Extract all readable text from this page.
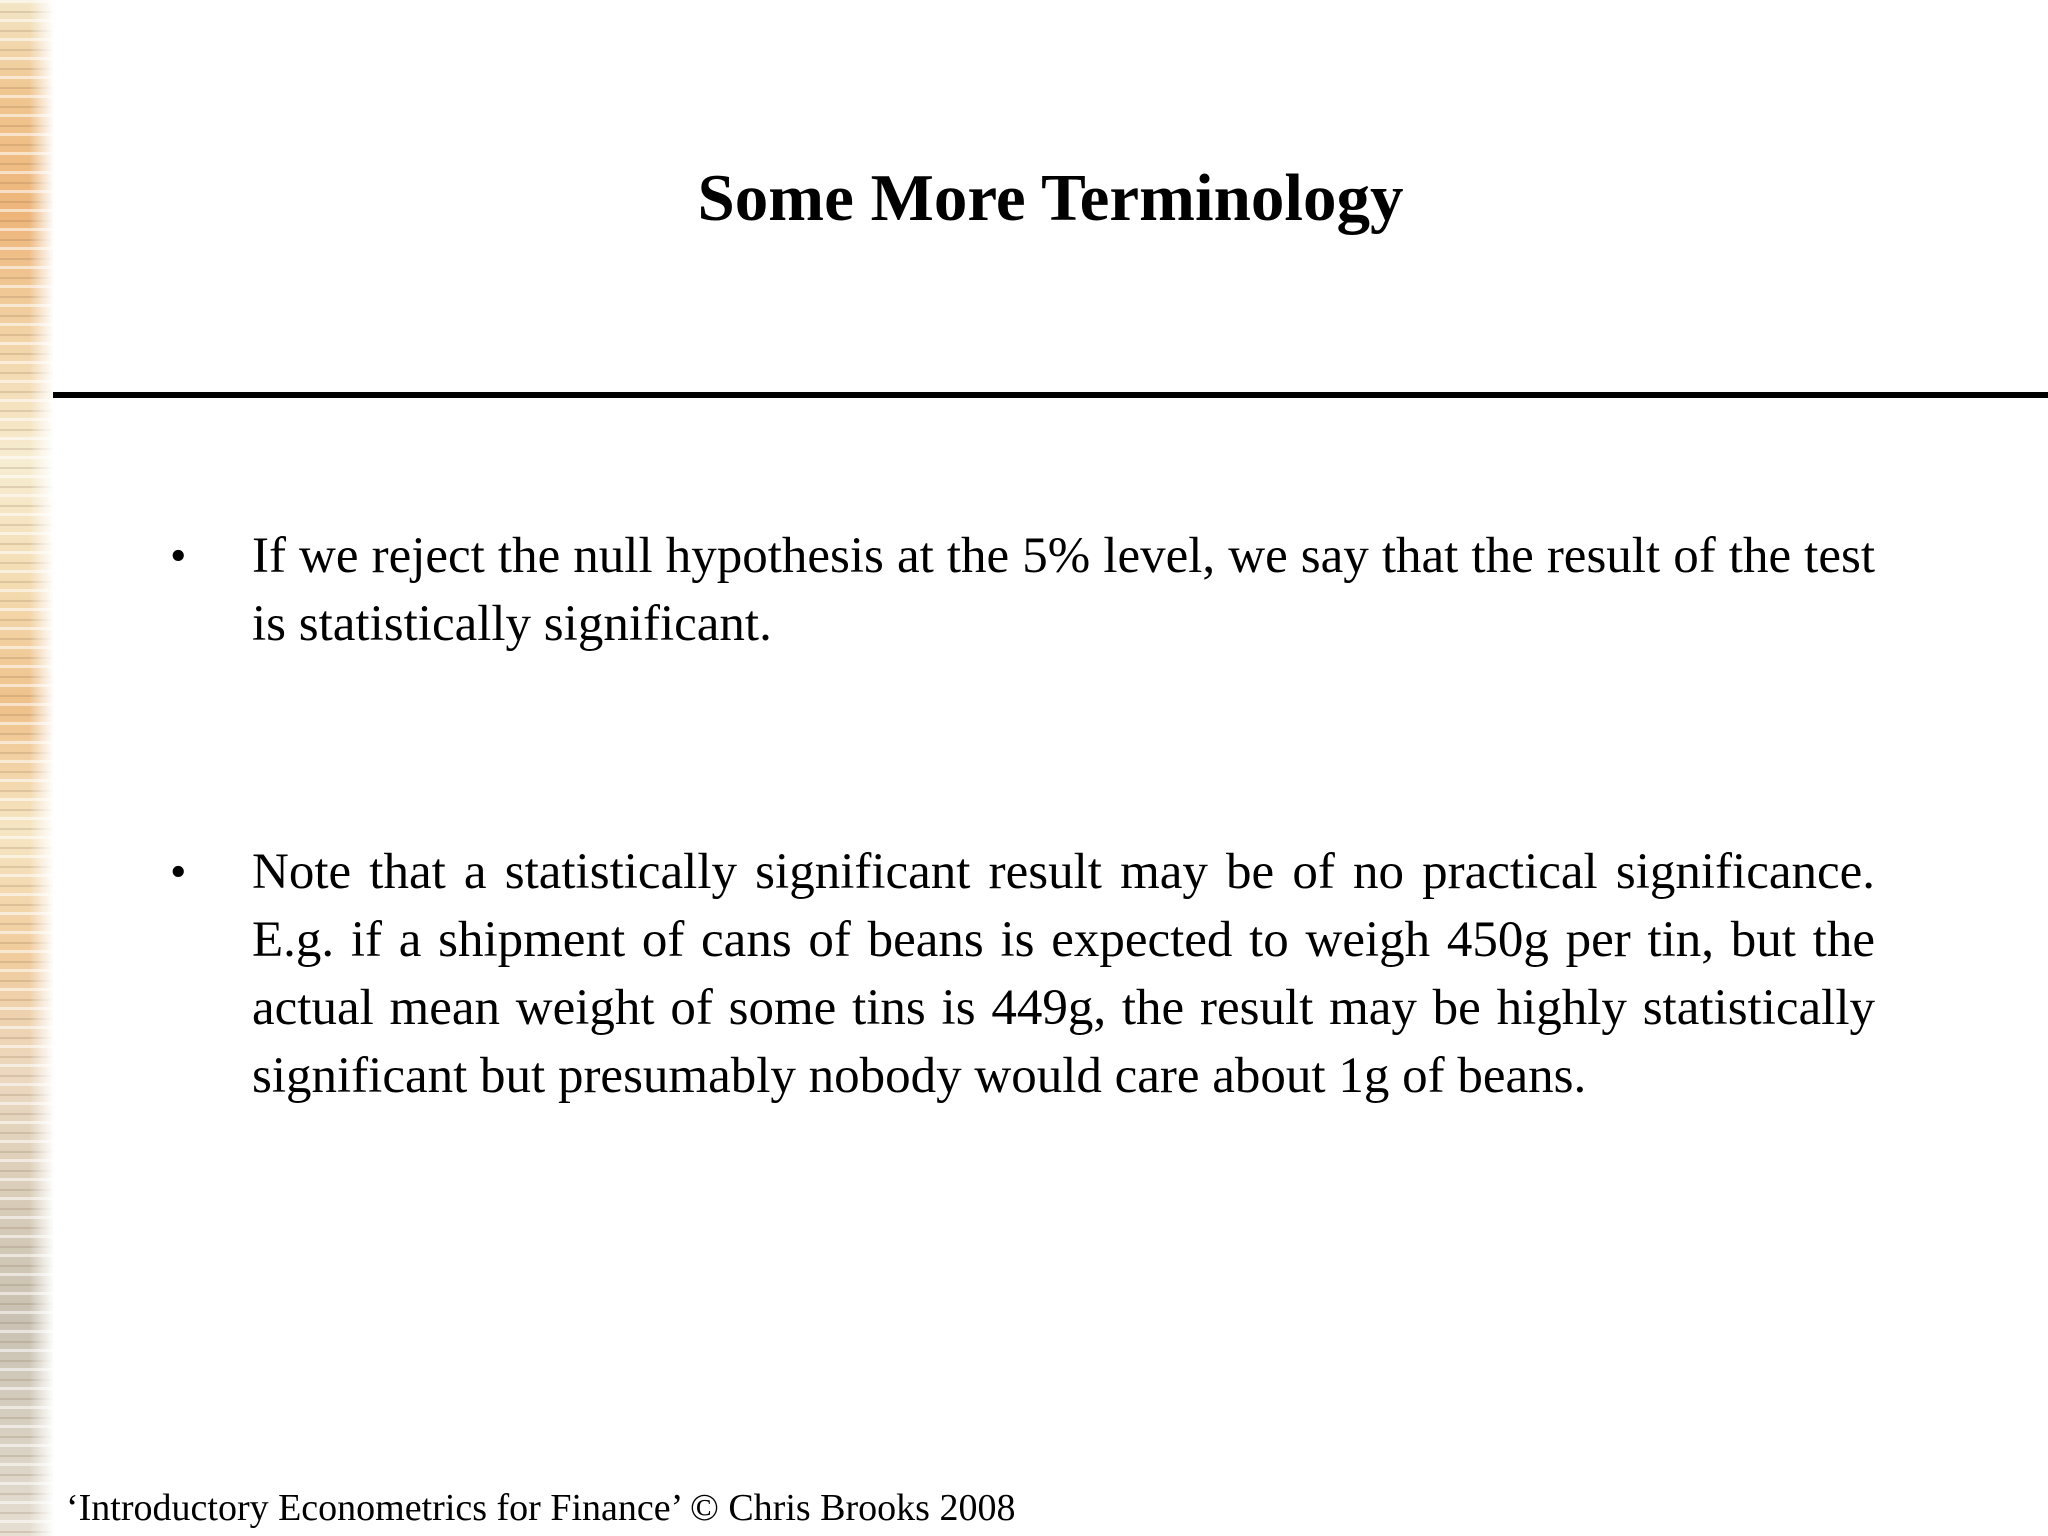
Some More Terminology
•	If we reject the null hypothesis at the 5% level, we say that the result of the test is statistically significant.

•	Note that a statistically significant result may be of no practical significance. E.g. if a shipment of cans of beans is expected to weigh 450g per tin, but the actual mean weight of some tins is 449g, the result may be highly statistically significant but presumably nobody would care about 1g of beans.

‘Introductory Econometrics for Finance’ © Chris Brooks 2008
